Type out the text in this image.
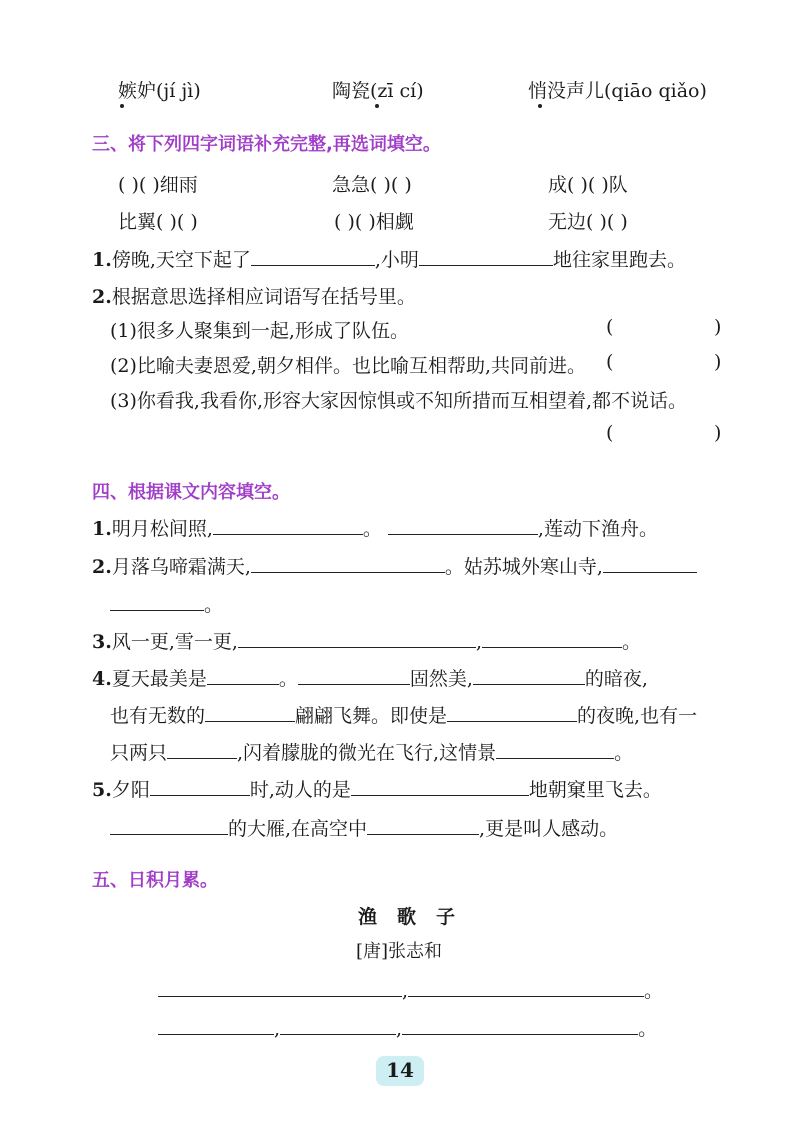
嫉妒(jí jì)	陶瓷(zī cí)	悄没声儿(qiāo qiǎo)
三、将下列四字词语补充完整,再选词填空。
( )( )细雨	急急( )( )	成( )( )队
比翼( )( )	( )( )相觑	无边( )( )
1.傍晚,天空下起了	,小明	地往家里跑去。
2.根据意思选择相应词语写在括号里。
(1)很多人聚集到一起,形成了队伍。	(	)
(2)比喻夫妻恩爱,朝夕相伴。也比喻互相帮助,共同前进。 (	)
(3)你看我,我看你,形容大家因惊惧或不知所措而互相望着,都不说话。
(	)
四、根据课文内容填空。
1.明月松间照,	。	,莲动下渔舟。
2.月落乌啼霜满天,	。姑苏城外寒山寺,
。
3.风一更,雪一更,	,	。
4.夏天最美是	。	固然美,	的暗夜,
也有无数的	翩翩飞舞。即使是	的夜晚,也有一
只两只	,闪着朦胧的微光在飞行,这情景	。
5.夕阳	时,动人的是	地朝窠里飞去。
的大雁,在高空中	,更是叫人感动。
五、日积月累。
渔歌子
[唐]张志和
,	。
,	,	。
14
